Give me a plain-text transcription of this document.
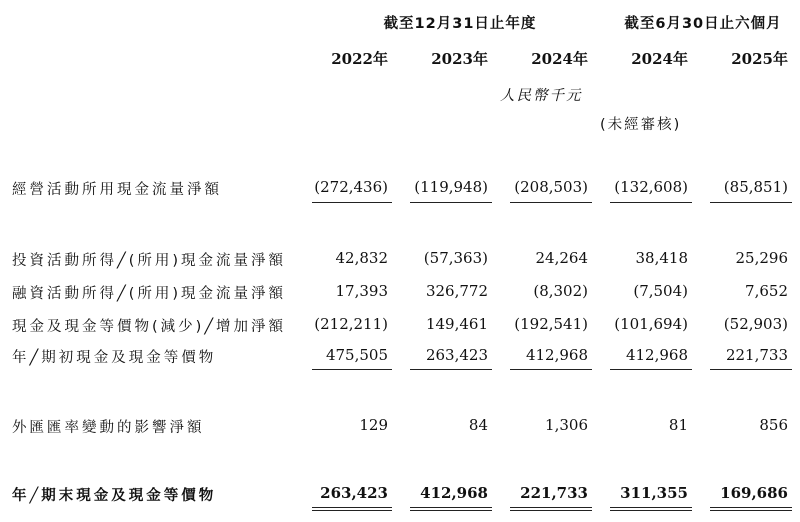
截至12月31日止年度	截至6月30日止六個月
2022年	2023年	2024年	2024年	2025年
人民幣千元
(未經審核)
經營活動所用現金流量淨額	(272,436)	(119,948)	(208,503)	(132,608)	(85,851)
投資活動所得╱(所用)現金流量淨額	42,832	(57,363)	24,264	38,418	25,296
融資活動所得╱(所用)現金流量淨額	17,393	326,772	(8,302)	(7,504)	7,652
現金及現金等價物(減少)╱增加淨額	(212,211)	149,461	(192,541)	(101,694)	(52,903)
年╱期初現金及現金等價物	475,505	263,423	412,968	412,968	221,733
外匯匯率變動的影響淨額	129	84	1,306	81	856
年╱期末現金及現金等價物	263,423	412,968	221,733	311,355	169,686
